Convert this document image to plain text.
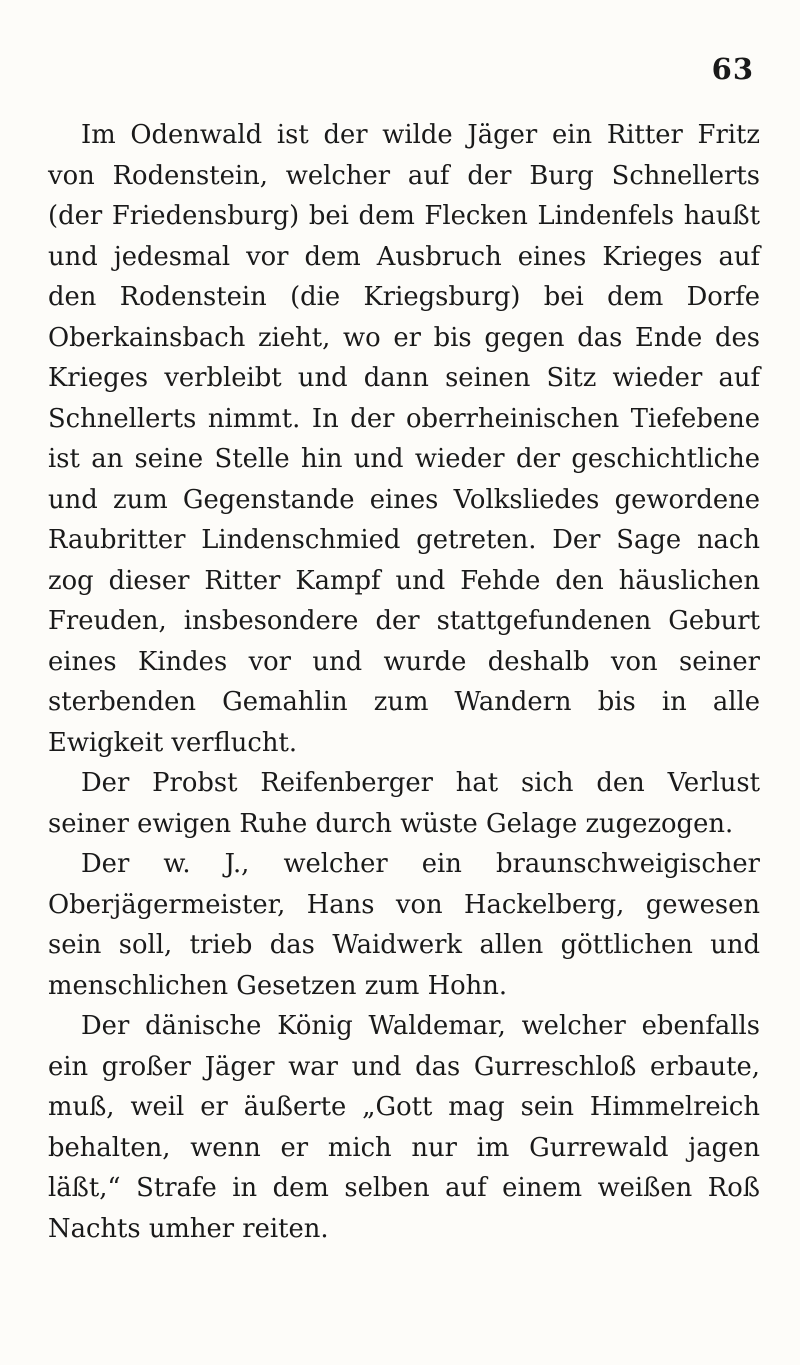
63

Im Odenwald ist der wilde Jäger ein Ritter Fritz von Rodenstein, welcher auf der Burg Schnellerts (der Friedensburg) bei dem Flecken Lindenfels haußt und jedesmal vor dem Ausbruch eines Krieges auf den Rodenstein (die Kriegsburg) bei dem Dorfe Oberkainsbach zieht, wo er bis gegen das Ende des Krieges verbleibt und dann seinen Sitz wieder auf Schnellerts nimmt. In der oberrheinischen Tiefebene ist an seine Stelle hin und wieder der geschichtliche und zum Gegenstande eines Volksliedes gewordene Raubritter Lindenschmied getreten. Der Sage nach zog dieser Ritter Kampf und Fehde den häuslichen Freuden, insbesondere der stattgefundenen Geburt eines Kindes vor und wurde deshalb von seiner sterbenden Gemahlin zum Wandern bis in alle Ewigkeit verflucht.

Der Probst Reifenberger hat sich den Verlust seiner ewigen Ruhe durch wüste Gelage zugezogen.

Der w. J., welcher ein braunschweigischer Oberjägermeister, Hans von Hackelberg, gewesen sein soll, trieb das Waidwerk allen göttlichen und menschlichen Gesetzen zum Hohn.

Der dänische König Waldemar, welcher ebenfalls ein großer Jäger war und das Gurreschloß erbaute, muß, weil er äußerte „Gott mag sein Himmelreich behalten, wenn er mich nur im Gurrewald jagen läßt,“ Strafe in dem selben auf einem weißen Roß Nachts umher reiten.
